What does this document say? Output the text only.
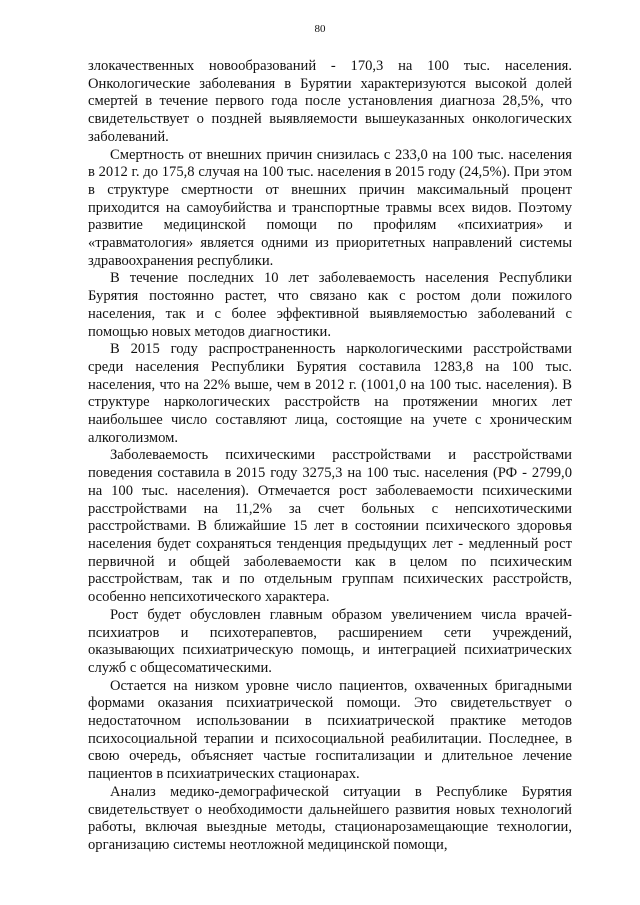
80

злокачественных новообразований - 170,3 на 100 тыс. населения. Онкологические заболевания в Бурятии характеризуются высокой долей смертей в течение первого года после установления диагноза 28,5%, что свидетельствует о поздней выявляемости вышеуказанных онкологических заболеваний.

Смертность от внешних причин снизилась с 233,0 на 100 тыс. населения в 2012 г. до 175,8 случая на 100 тыс. населения в 2015 году (24,5%). При этом в структуре смертности от внешних причин максимальный процент приходится на самоубийства и транспортные травмы всех видов. Поэтому развитие медицинской помощи по профилям «психиатрия» и «травматология» является одними из приоритетных направлений системы здравоохранения республики.

В течение последних 10 лет заболеваемость населения Республики Бурятия постоянно растет, что связано как с ростом доли пожилого населения, так и с более эффективной выявляемостью заболеваний с помощью новых методов диагностики.

В 2015 году распространенность наркологическими расстройствами среди населения Республики Бурятия составила 1283,8 на 100 тыс. населения, что на 22% выше, чем в 2012 г. (1001,0 на 100 тыс. населения). В структуре наркологических расстройств на протяжении многих лет наибольшее число составляют лица, состоящие на учете с хроническим алкоголизмом.

Заболеваемость психическими расстройствами и расстройствами поведения составила в 2015 году 3275,3 на 100 тыс. населения (РФ - 2799,0 на 100 тыс. населения). Отмечается рост заболеваемости психическими расстройствами на 11,2% за счет больных с непсихотическими расстройствами. В ближайшие 15 лет в состоянии психического здоровья населения будет сохраняться тенденция предыдущих лет - медленный рост первичной и общей заболеваемости как в целом по психическим расстройствам, так и по отдельным группам психических расстройств, особенно непсихотического характера.

Рост будет обусловлен главным образом увеличением числа врачей-психиатров и психотерапевтов, расширением сети учреждений, оказывающих психиатрическую помощь, и интеграцией психиатрических служб с общесоматическими.

Остается на низком уровне число пациентов, охваченных бригадными формами оказания психиатрической помощи. Это свидетельствует о недостаточном использовании в психиатрической практике методов психосоциальной терапии и психосоциальной реабилитации. Последнее, в свою очередь, объясняет частые госпитализации и длительное лечение пациентов в психиатрических стационарах.

Анализ медико-демографической ситуации в Республике Бурятия свидетельствует о необходимости дальнейшего развития новых технологий работы, включая выездные методы, стационарозамещающие технологии, организацию системы неотложной медицинской помощи,
